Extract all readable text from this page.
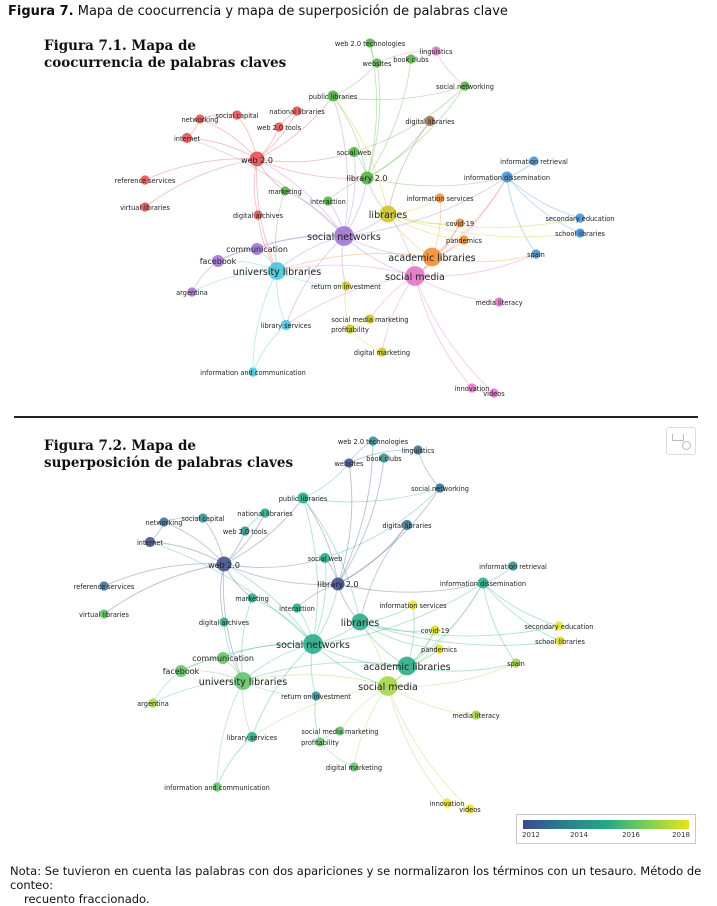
Figura 7. Mapa de coocurrencia y mapa de superposición de palabras clave
Figura 7.1. Mapa de coocurrencia de palabras claves
web 2.0 technologies
linguistics
websites book clubs
social networking
public libraries
national libraries
social capital
networking
web 2.0 tools
digital libraries
internet
web 2.0
social web
information retrieval
information dissemination
library 2.0
reference services
marketing
virtual libraries
interaction	information services
libraries
digital archives	secondary education
covid-19
school libraries
social networks	pandemics
communication
academic libraries	spain
facebook
university libraries	social media
return on investment
argentina
media literacy
library services
social media marketing
profitability
digital marketing
information and communication
innovation
videos
Figura 7.2. Mapa de superposición de palabras claves
web 2.0 technologies
linguistics
websites
book clubs
social networking
public libraries
national libraries
social capital
networking
web 2.0 tools
digital libraries
internet
web 2.0
social web
information retrieval
information dissemination
library 2.0
reference services
marketing
virtual libraries
interaction	information services
libraries
digital archives	secondary education
covid-19
school libraries
social networks	pandemics
communication
academic libraries	spain
facebook
university libraries	social media
return on investment
argentina
media literacy
library services
social media marketing
profitability
digital marketing
information and communication
innovation
videos
2012	2014	2016	2018
Nota: Se tuvieron en cuenta las palabras con dos apariciones y se normalizaron los términos con un tesauro. Método de conteo:
recuento fraccionado.
